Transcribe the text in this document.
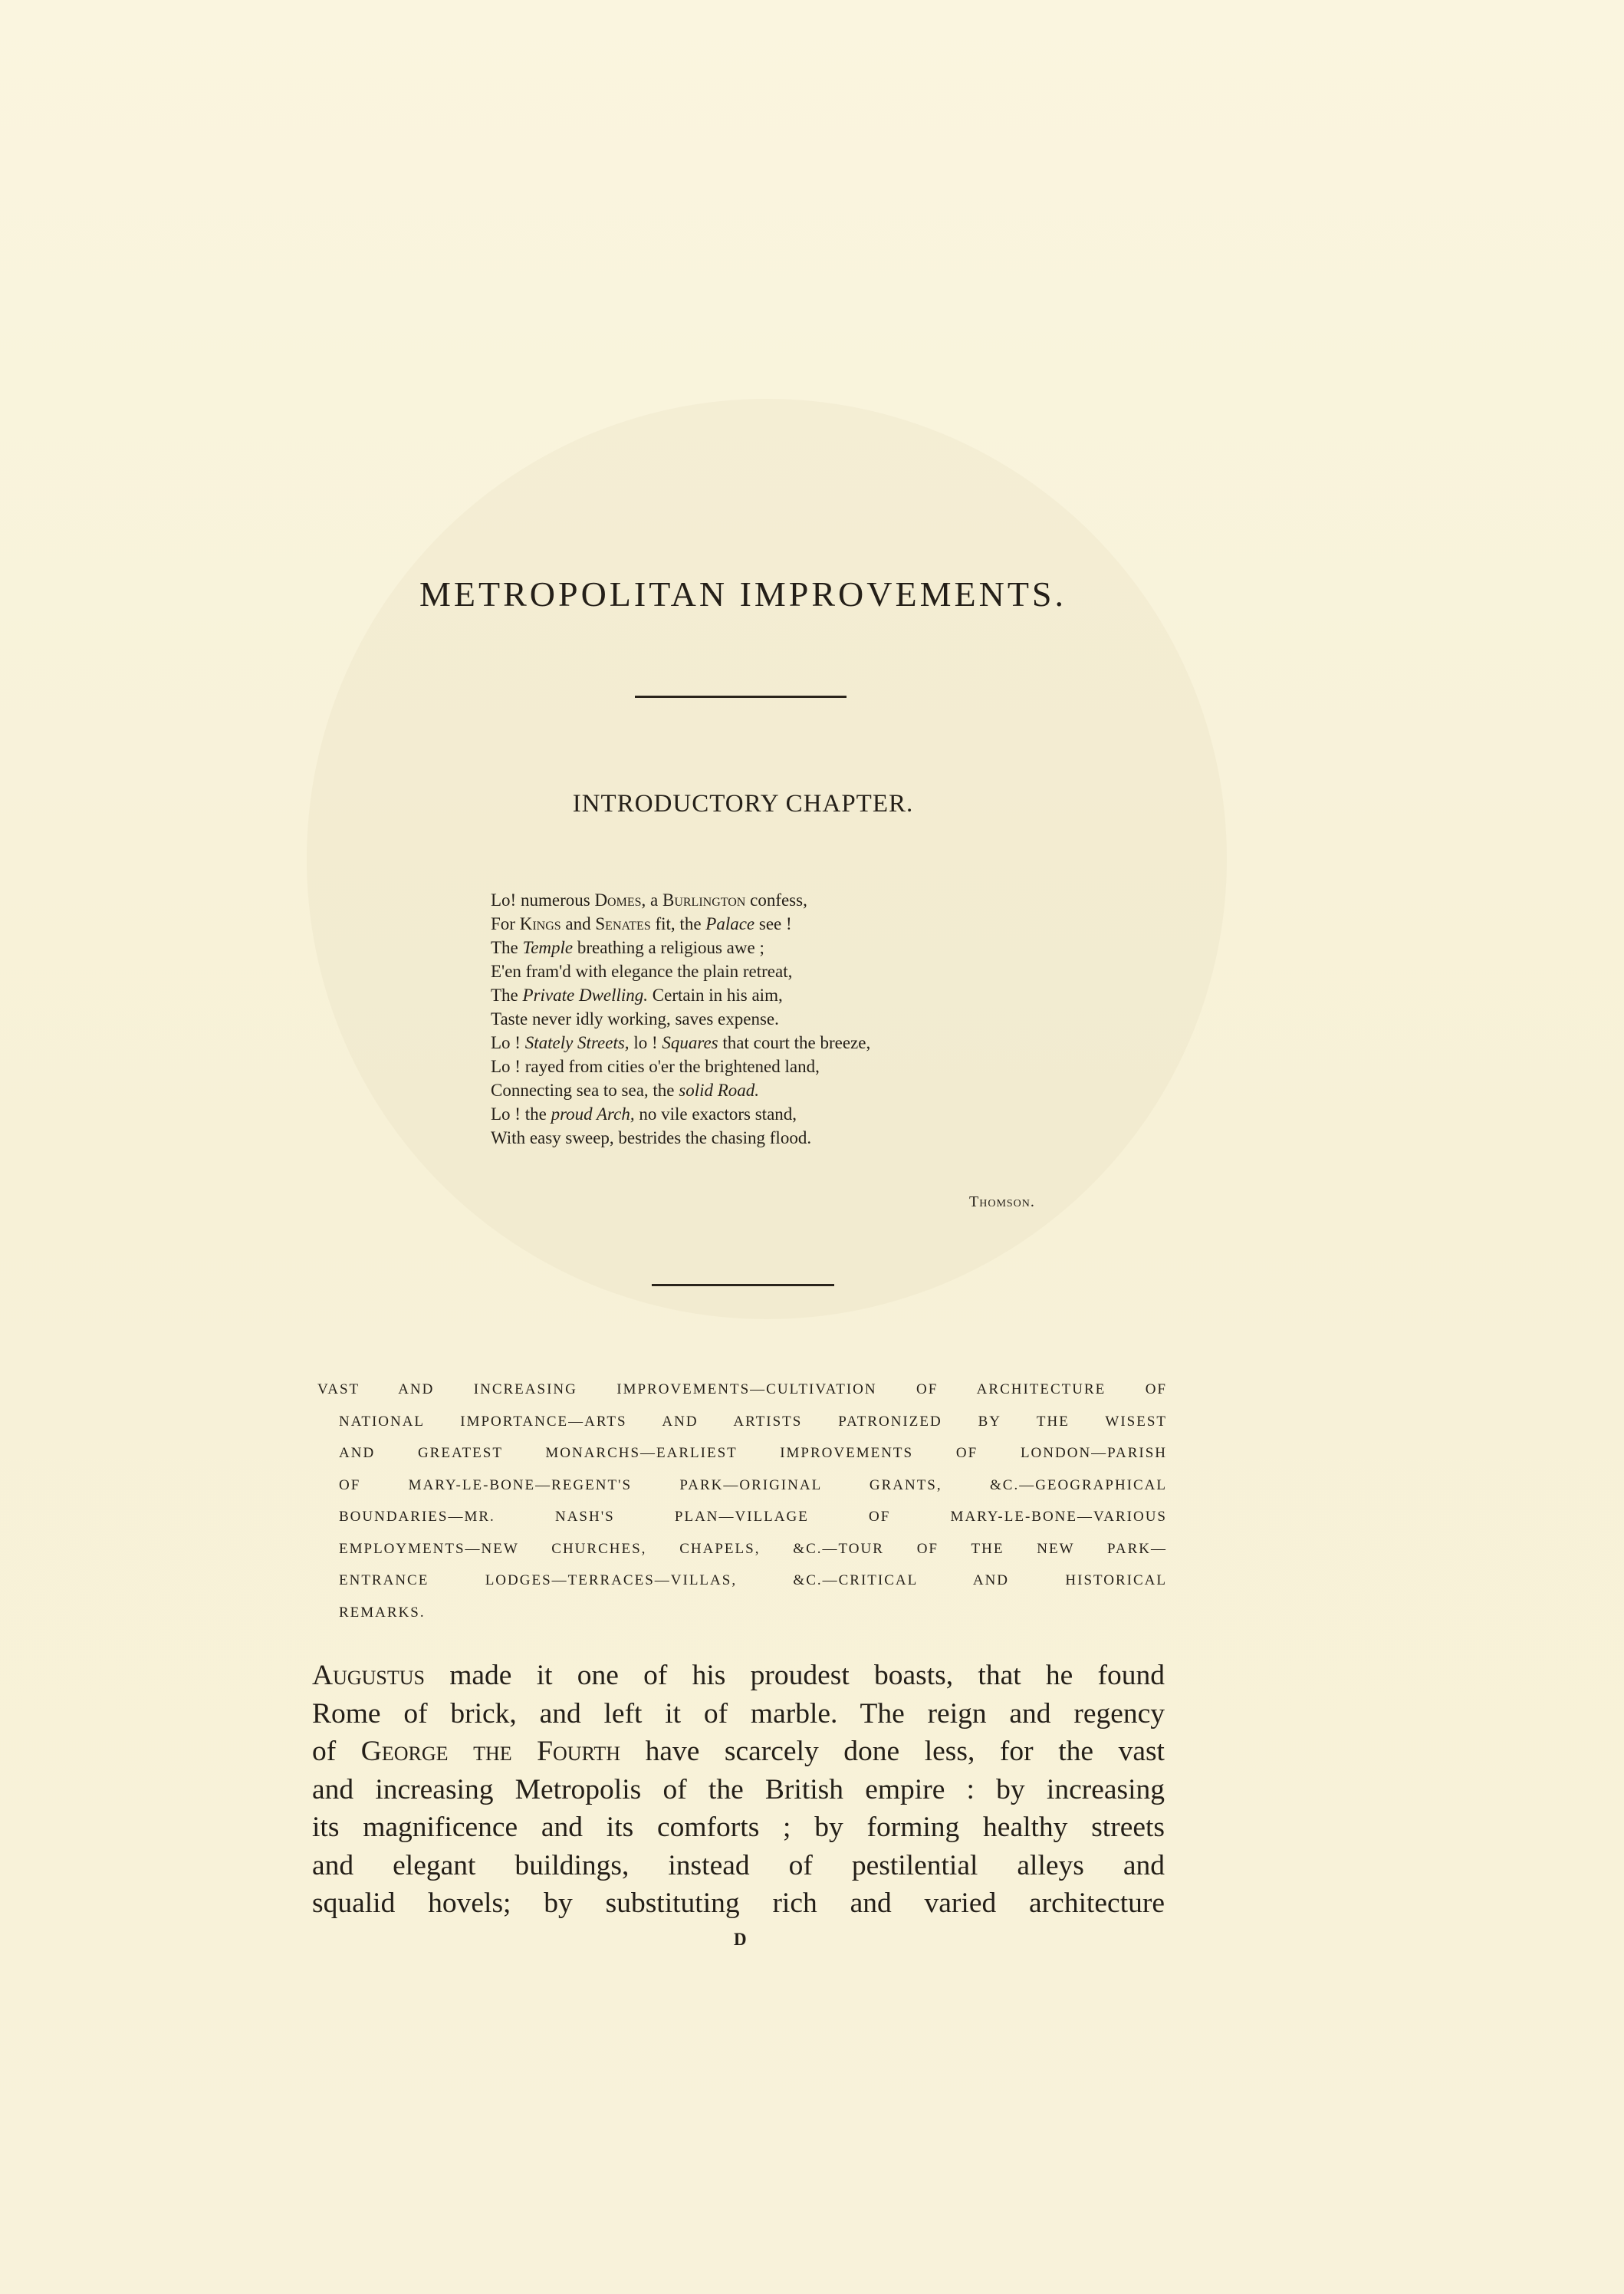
METROPOLITAN IMPROVEMENTS.
INTRODUCTORY CHAPTER.
Lo! numerous Domes, a Burlington confess,
For Kings and Senates fit, the Palace see !
The Temple breathing a religious awe ;
E'en fram'd with elegance the plain retreat,
The Private Dwelling. Certain in his aim,
Taste never idly working, saves expense.
Lo ! Stately Streets, lo ! Squares that court the breeze,
Lo ! rayed from cities o'er the brightened land,
Connecting sea to sea, the solid Road.
Lo ! the proud Arch, no vile exactors stand,
With easy sweep, bestrides the chasing flood.
Thomson.

VAST AND INCREASING IMPROVEMENTS—CULTIVATION OF ARCHITECTURE OF
NATIONAL IMPORTANCE—ARTS AND ARTISTS PATRONIZED BY THE WISEST
AND GREATEST MONARCHS—EARLIEST IMPROVEMENTS OF LONDON—PARISH
OF MARY-LE-BONE—REGENT'S PARK—ORIGINAL GRANTS, &C.—GEOGRAPHICAL
BOUNDARIES—MR. NASH'S PLAN—VILLAGE OF MARY-LE-BONE—VARIOUS
EMPLOYMENTS—NEW CHURCHES, CHAPELS, &C.—TOUR OF THE NEW PARK—
ENTRANCE LODGES—TERRACES—VILLAS, &C.—CRITICAL AND HISTORICAL
REMARKS.

Augustus made it one of his proudest boasts, that he found
Rome of brick, and left it of marble. The reign and regency
of George the Fourth have scarcely done less, for the vast
and increasing Metropolis of the British empire : by increasing
its magnificence and its comforts ; by forming healthy streets
and elegant buildings, instead of pestilential alleys and
squalid hovels; by substituting rich and varied architecture

D
